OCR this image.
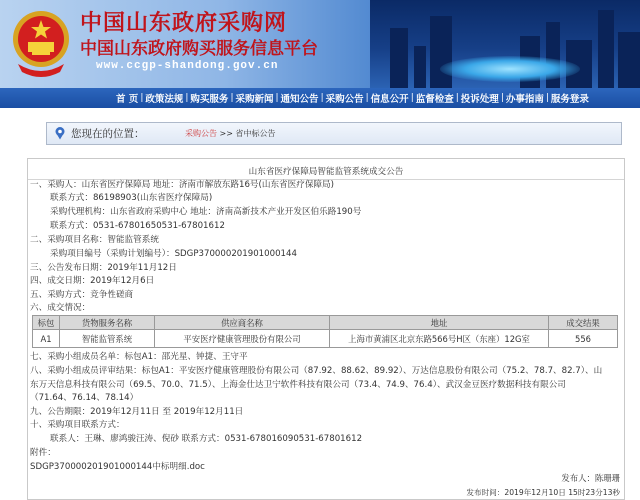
中国山东政府采购网
中国山东政府购买服务信息平台
www.ccgp-shandong.gov.cn
首 页 | 政策法规 | 购买服务 | 采购新闻 | 通知公告 | 采购公告 | 信息公开 | 监督检查 | 投诉处理 | 办事指南 | 服务登录
您现在的位置：	采购公告 >> 省中标公告
山东省医疗保障局智能监管系统成交公告
一、采购人：山东省医疗保障局 地址：济南市解放东路16号(山东省医疗保障局)
联系方式：86198903(山东省医疗保障局)
采购代理机构：山东省政府采购中心 地址：济南高新技术产业开发区伯乐路190号
联系方式：0531-67801650531-67801612
二、采购项目名称：智能监管系统
采购项目编号（采购计划编号）：SDGP370000201901000144
三、公告发布日期：2019年11月12日
四、成交日期：2019年12月6日
五、采购方式：竞争性磋商
六、成交情况：
标包	货物服务名称	供应商名称	地址	成交结果
A1	智能监管系统	平安医疗健康管理股份有限公司	上海市黄浦区北京东路566号H区（东座）12G室	556
七、采购小组成员名单：标包A1：邵光星、钟捷、王守平
八、采购小组成员评审结果：标包A1：平安医疗健康管理股份有限公司（87.92、88.62、89.92）、万达信息股份有限公司（75.2、78.7、82.7）、山
东万天信息科技有限公司（69.5、70.0、71.5）、上海金仕达卫宁软件科技有限公司（73.4、74.9、76.4）、武汉金豆医疗数据科技有限公司
（71.64、76.14、78.14）
九、公告期限：2019年12月11日 至 2019年12月11日
十、采购项目联系方式：
联系人：王琳、廖鸿骏汪涛、倪砂 联系方式：0531-678016090531-67801612
附件：
SDGP370000201901000144中标明细.doc
发布人：陈珊珊
发布时间：2019年12月10日 15时23分13秒
